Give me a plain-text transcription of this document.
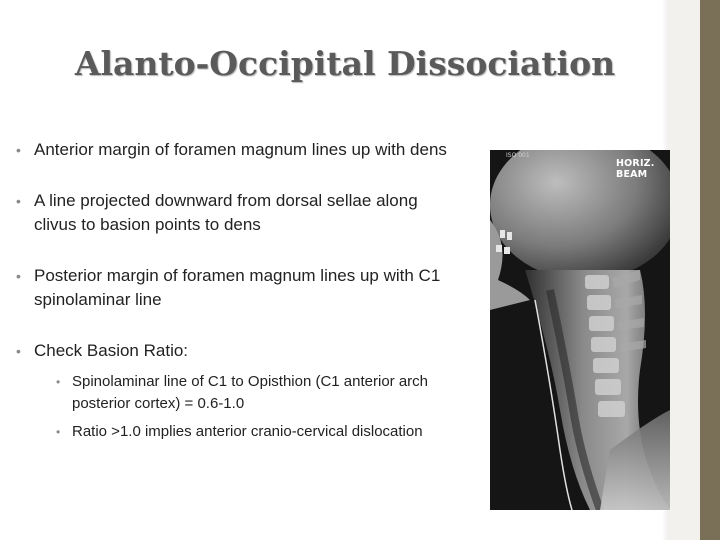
Alanto-Occipital Dissociation
• Anterior margin of foramen magnum lines up with dens
• A line projected downward from dorsal sellae along clivus to basion points to dens
• Posterior margin of foramen magnum lines up with C1 spinolaminar line
• Check Basion Ratio:
• Spinolaminar line of C1 to Opisthion (C1 anterior arch posterior cortex) = 0.6-1.0
• Ratio >1.0 implies anterior cranio-cervical dislocation
ISO 001
HORIZ. BEAM
